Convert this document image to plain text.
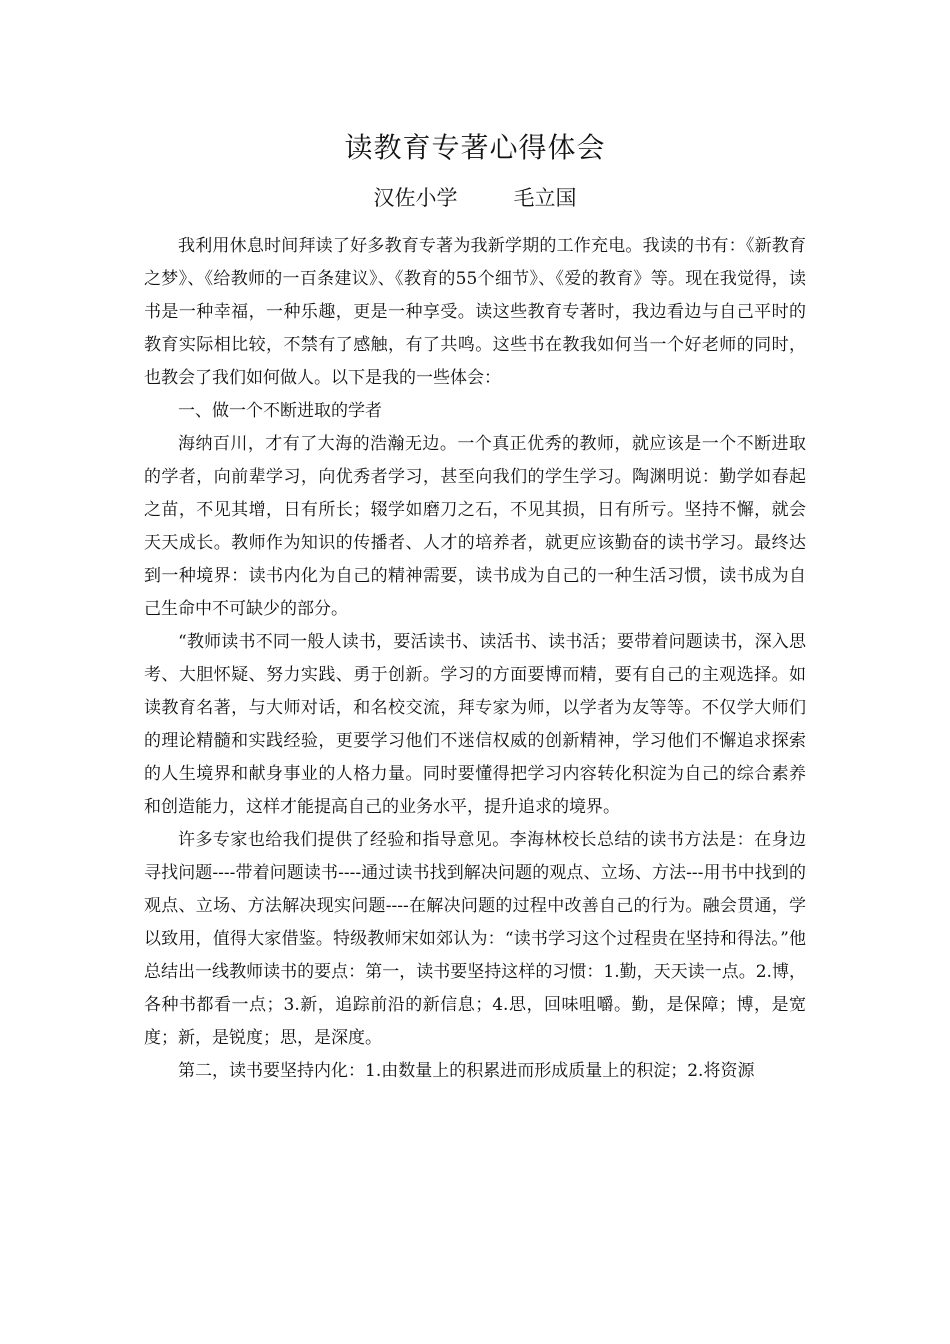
读教育专著心得体会
汉佐小学	毛立国

我利用休息时间拜读了好多教育专著为我新学期的工作充电。我读的书有：《新教育之梦》、《给教师的一百条建议》、《教育的55个细节》、《爱的教育》等。现在我觉得，读书是一种幸福，一种乐趣，更是一种享受。读这些教育专著时，我边看边与自己平时的教育实际相比较，不禁有了感触，有了共鸣。这些书在教我如何当一个好老师的同时，也教会了我们如何做人。以下是我的一些体会：

一、做一个不断进取的学者

海纳百川，才有了大海的浩瀚无边。一个真正优秀的教师，就应该是一个不断进取的学者，向前辈学习，向优秀者学习，甚至向我们的学生学习。陶渊明说：勤学如春起之苗，不见其增，日有所长；辍学如磨刀之石，不见其损，日有所亏。坚持不懈，就会天天成长。教师作为知识的传播者、人才的培养者，就更应该勤奋的读书学习。最终达到一种境界：读书内化为自己的精神需要，读书成为自己的一种生活习惯，读书成为自己生命中不可缺少的部分。

“教师读书不同一般人读书，要活读书、读活书、读书活；要带着问题读书，深入思考、大胆怀疑、努力实践、勇于创新。学习的方面要博而精，要有自己的主观选择。如读教育名著，与大师对话，和名校交流，拜专家为师，以学者为友等等。不仅学大师们的理论精髓和实践经验，更要学习他们不迷信权威的创新精神，学习他们不懈追求探索的人生境界和献身事业的人格力量。同时要懂得把学习内容转化积淀为自己的综合素养和创造能力，这样才能提高自己的业务水平，提升追求的境界。

许多专家也给我们提供了经验和指导意见。李海林校长总结的读书方法是：在身边寻找问题----带着问题读书----通过读书找到解决问题的观点、立场、方法---用书中找到的观点、立场、方法解决现实问题----在解决问题的过程中改善自己的行为。融会贯通，学以致用，值得大家借鉴。特级教师宋如郊认为：“读书学习这个过程贵在坚持和得法。”他总结出一线教师读书的要点：第一，读书要坚持这样的习惯：1.勤，天天读一点。2.博，各种书都看一点；3.新，追踪前沿的新信息；4.思，回味咀嚼。勤，是保障；博，是宽度；新，是锐度；思，是深度。

第二，读书要坚持内化：1.由数量上的积累进而形成质量上的积淀；2.将资源
